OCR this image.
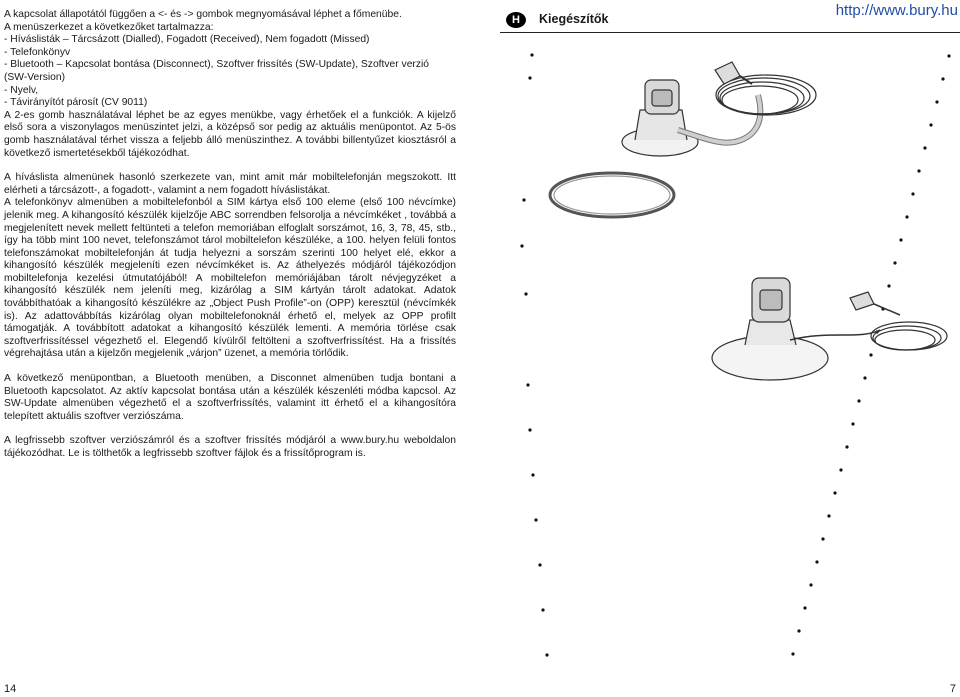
A kapcsolat állapotától függően a <- és -> gombok megnyomásával léphet a főmenübe.
A menüszerkezet a következőket tartalmazza:
- Híváslisták – Tárcsázott (Dialled), Fogadott (Received), Nem fogadott (Missed)
- Telefonkönyv
- Bluetooth – Kapcsolat bontása (Disconnect), Szoftver frissítés (SW-Update), Szoftver verzió
(SW-Version)
- Nyelv,
- Távirányítót párosít (CV 9011)

A 2-es gomb használatával léphet be az egyes menükbe, vagy érhetőek el a funkciók. A kijelző első sora a viszonylagos menüszintet jelzi, a középső sor pedig az aktuális menüpontot. Az 5-ös gomb használatával térhet vissza a feljebb álló menüszinthez. A további billentyűzet kiosztásról a következő ismertetésekből tájékozódhat.

A híváslista almenünek hasonló szerkezete van, mint amit már mobiltelefonján megszokott. Itt elérheti a tárcsázott-, a fogadott-, valamint a nem fogadott híváslistákat.

A telefonkönyv almenüben a mobiltelefonból a SIM kártya első 100 eleme (első 100 névcímke) jelenik meg. A kihangosító készülék kijelzője ABC sorrendben felsorolja a névcímkéket , továbbá a megjelenített nevek mellett feltünteti a telefon memoriában elfoglalt sorszámot, 16, 3, 78, 45, stb., így ha több mint 100 nevet, telefonszámot tárol mobiltelefon készüléke, a 100. helyen felüli fontos telefonszámokat mobiltelefonján át tudja helyezni a sorszám szerinti 100 helyet elé, ekkor a kihangosító készülék megjeleníti ezen névcímkéket is. Az áthelyezés módjáról tájékozódjon mobiltelefonja kezelési útmutatójából! A mobiltelefon memóriájában tárolt névjegyzéket a kihangosító készülék nem jeleníti meg, kizárólag a SIM kártyán tárolt adatokat. Adatok továbbíthatóak a kihangosító készülékre az „Object Push Profile”-on (OPP) keresztül (névcímkék is). Az adattovábbítás kizárólag olyan mobiltelefonoknál érhető el, melyek az OPP profilt támogatják. A továbbított adatokat a kihangosító készülék lementi. A memória törlése csak szoftverfrissítéssel végezhető el. Elegendő kívülről feltölteni a szoftverfrissítést. Ha a frissítés végrehajtása után a kijelzőn megjelenik „várjon” üzenet, a memória törlődik.

A következő menüpontban, a Bluetooth menüben, a Disconnet almenüben tudja bontani a Bluetooth kapcsolatot. Az aktív kapcsolat bontása után a készülék készenléti módba kapcsol. Az SW-Update almenüben végezhető el a szoftverfrissítés, valamint itt érhető el a kihangosítóra telepített aktuális szoftver verziószáma.

A legfrissebb szoftver verziószámról és a szoftver frissítés módjáról a www.bury.hu weboldalon tájékozódhat. Le is tölthetők a legfrissebb szoftver fájlok és a frissítőprogram is.

H	Kiegészítők	http://www.bury.hu
14	7
